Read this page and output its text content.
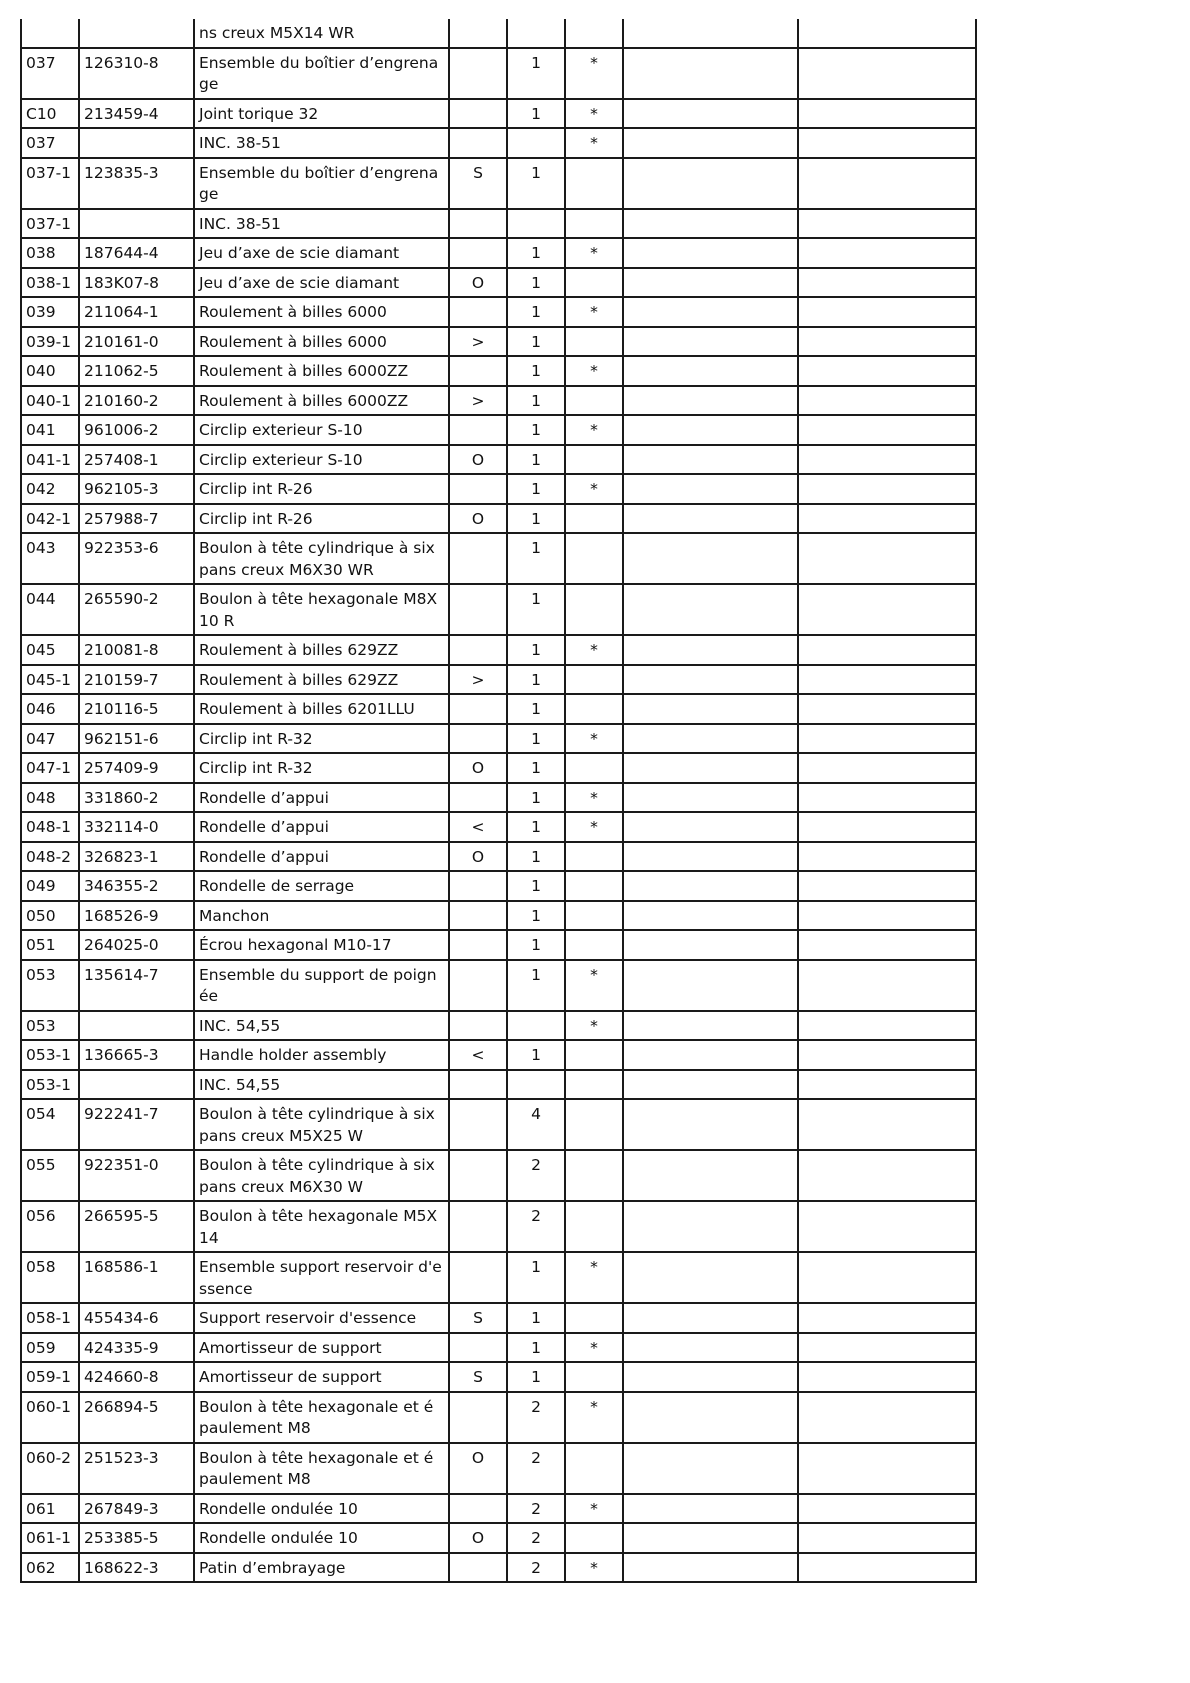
		ns creux M5X14 WR					
037	126310-8	Ensemble du boîtier d’engrenage		1	*		
C10	213459-4	Joint torique 32		1	*		
037		INC. 38-51			*		
037-1	123835-3	Ensemble du boîtier d’engrenage	S	1			
037-1		INC. 38-51					
038	187644-4	Jeu d’axe de scie diamant		1	*		
038-1	183K07-8	Jeu d’axe de scie diamant	O	1			
039	211064-1	Roulement à billes 6000		1	*		
039-1	210161-0	Roulement à billes 6000	>	1			
040	211062-5	Roulement à billes 6000ZZ		1	*		
040-1	210160-2	Roulement à billes 6000ZZ	>	1			
041	961006-2	Circlip exterieur S-10		1	*		
041-1	257408-1	Circlip exterieur S-10	O	1			
042	962105-3	Circlip int R-26		1	*		
042-1	257988-7	Circlip int R-26	O	1			
043	922353-6	Boulon à tête cylindrique à six pans creux M6X30 WR		1			
044	265590-2	Boulon à tête hexagonale M8X10 R		1			
045	210081-8	Roulement à billes 629ZZ		1	*		
045-1	210159-7	Roulement à billes 629ZZ	>	1			
046	210116-5	Roulement à billes 6201LLU		1			
047	962151-6	Circlip int R-32		1	*		
047-1	257409-9	Circlip int R-32	O	1			
048	331860-2	Rondelle d’appui		1	*		
048-1	332114-0	Rondelle d’appui	<	1	*		
048-2	326823-1	Rondelle d’appui	O	1			
049	346355-2	Rondelle de serrage		1			
050	168526-9	Manchon		1			
051	264025-0	Écrou hexagonal M10-17		1			
053	135614-7	Ensemble du support de poignée		1	*		
053		INC. 54,55			*		
053-1	136665-3	Handle holder assembly	<	1			
053-1		INC. 54,55					
054	922241-7	Boulon à tête cylindrique à six pans creux M5X25 W		4			
055	922351-0	Boulon à tête cylindrique à six pans creux M6X30 W		2			
056	266595-5	Boulon à tête hexagonale M5X14		2			
058	168586-1	Ensemble support reservoir d'essence		1	*		
058-1	455434-6	Support reservoir d'essence	S	1			
059	424335-9	Amortisseur de support		1	*		
059-1	424660-8	Amortisseur de support	S	1			
060-1	266894-5	Boulon à tête hexagonale et épaulement M8		2	*		
060-2	251523-3	Boulon à tête hexagonale et épaulement M8	O	2			
061	267849-3	Rondelle ondulée 10		2	*		
061-1	253385-5	Rondelle ondulée 10	O	2			
062	168622-3	Patin d’embrayage		2	*		
